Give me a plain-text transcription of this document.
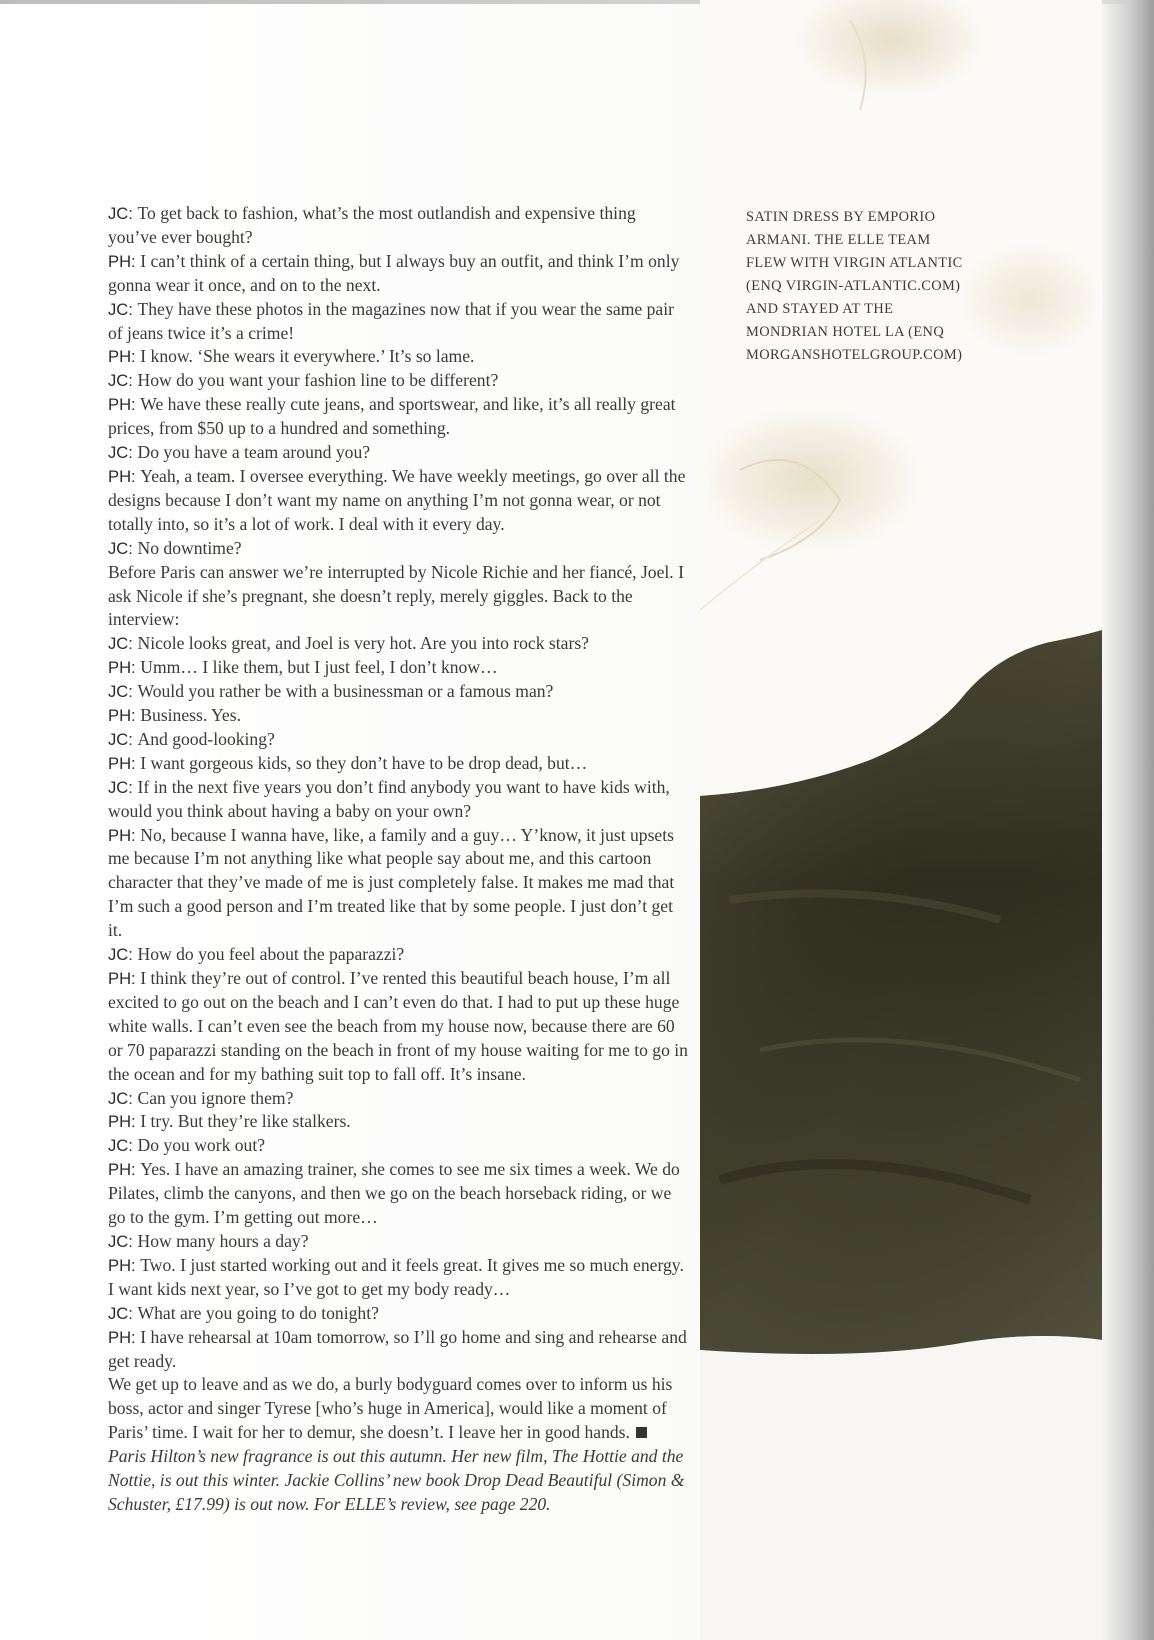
JC: To get back to fashion, what’s the most outlandish and expensive thing you’ve ever bought?

PH: I can’t think of a certain thing, but I always buy an outfit, and think I’m only gonna wear it once, and on to the next.

JC: They have these photos in the magazines now that if you wear the same pair of jeans twice it’s a crime!

PH: I know. ‘She wears it everywhere.’ It’s so lame.

JC: How do you want your fashion line to be different?

PH: We have these really cute jeans, and sportswear, and like, it’s all really great prices, from $50 up to a hundred and something.

JC: Do you have a team around you?

PH: Yeah, a team. I oversee everything. We have weekly meetings, go over all the designs because I don’t want my name on anything I’m not gonna wear, or not totally into, so it’s a lot of work. I deal with it every day.

JC: No downtime?

Before Paris can answer we’re interrupted by Nicole Richie and her fiancé, Joel. I ask Nicole if she’s pregnant, she doesn’t reply, merely giggles. Back to the interview:

JC: Nicole looks great, and Joel is very hot. Are you into rock stars?

PH: Umm… I like them, but I just feel, I don’t know…

JC: Would you rather be with a businessman or a famous man?

PH: Business. Yes.

JC: And good-looking?

PH: I want gorgeous kids, so they don’t have to be drop dead, but…

JC: If in the next five years you don’t find anybody you want to have kids with, would you think about having a baby on your own?

PH: No, because I wanna have, like, a family and a guy… Y’know, it just upsets me because I’m not anything like what people say about me, and this cartoon character that they’ve made of me is just completely false. It makes me mad that I’m such a good person and I’m treated like that by some people. I just don’t get it.

JC: How do you feel about the paparazzi?

PH: I think they’re out of control. I’ve rented this beautiful beach house, I’m all excited to go out on the beach and I can’t even do that. I had to put up these huge white walls. I can’t even see the beach from my house now, because there are 60 or 70 paparazzi standing on the beach in front of my house waiting for me to go in the ocean and for my bathing suit top to fall off. It’s insane.

JC: Can you ignore them?

PH: I try. But they’re like stalkers.

JC: Do you work out?

PH: Yes. I have an amazing trainer, she comes to see me six times a week. We do Pilates, climb the canyons, and then we go on the beach horseback riding, or we go to the gym. I’m getting out more…

JC: How many hours a day?

PH: Two. I just started working out and it feels great. It gives me so much energy. I want kids next year, so I’ve got to get my body ready…

JC: What are you going to do tonight?

PH: I have rehearsal at 10am tomorrow, so I’ll go home and sing and rehearse and get ready.

We get up to leave and as we do, a burly bodyguard comes over to inform us his boss, actor and singer Tyrese [who’s huge in America], would like a moment of Paris’ time. I wait for her to demur, she doesn’t. I leave her in good hands.

Paris Hilton’s new fragrance is out this autumn. Her new film, The Hottie and the Nottie, is out this winter. Jackie Collins’ new book Drop Dead Beautiful (Simon & Schuster, £17.99) is out now. For ELLE’s review, see page 220.

SATIN DRESS BY EMPORIO

ARMANI. THE ELLE TEAM

FLEW WITH VIRGIN ATLANTIC

(ENQ VIRGIN-ATLANTIC.COM)

AND STAYED AT THE

MONDRIAN HOTEL LA (ENQ

MORGANSHOTELGROUP.COM)
